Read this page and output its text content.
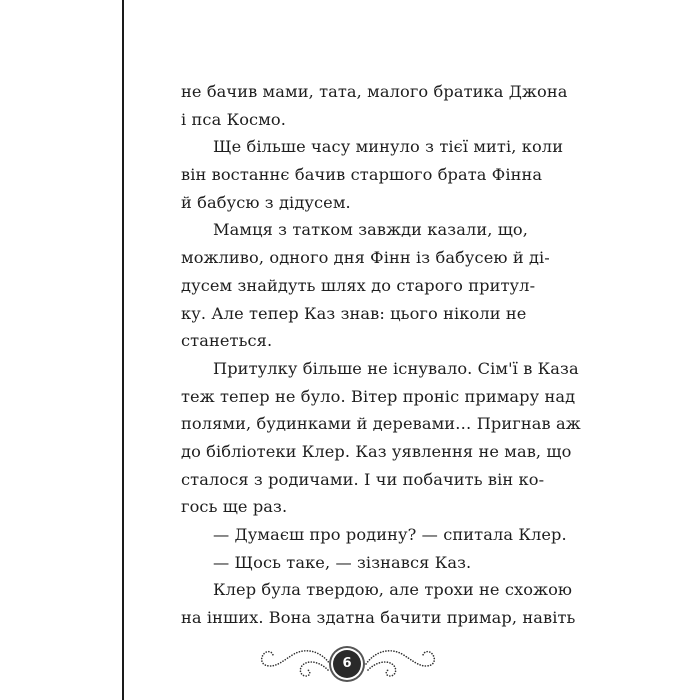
не бачив мами, тата, малого братика Джона
і пса Космо.
Ще більше часу минуло з тієї миті, коли
він востаннє бачив старшого брата Фінна
й бабусю з дідусем.
Мамця з татком завжди казали, що,
можливо, одного дня Фінн із бабусею й ді-
дусем знайдуть шлях до старого притул-
ку. Але тепер Каз знав: цього ніколи не
станеться.
Притулку більше не існувало. Сім'ї в Каза
теж тепер не було. Вітер проніс примару над
полями, будинками й деревами… Пригнав аж
до бібліотеки Клер. Каз уявлення не мав, що
сталося з родичами. І чи побачить він ко-
гось ще раз.
— Думаєш про родину? — спитала Клер.
— Щось таке, — зізнався Каз.
Клер була твердою, але трохи не схожою
на інших. Вона здатна бачити примар, навіть
6
